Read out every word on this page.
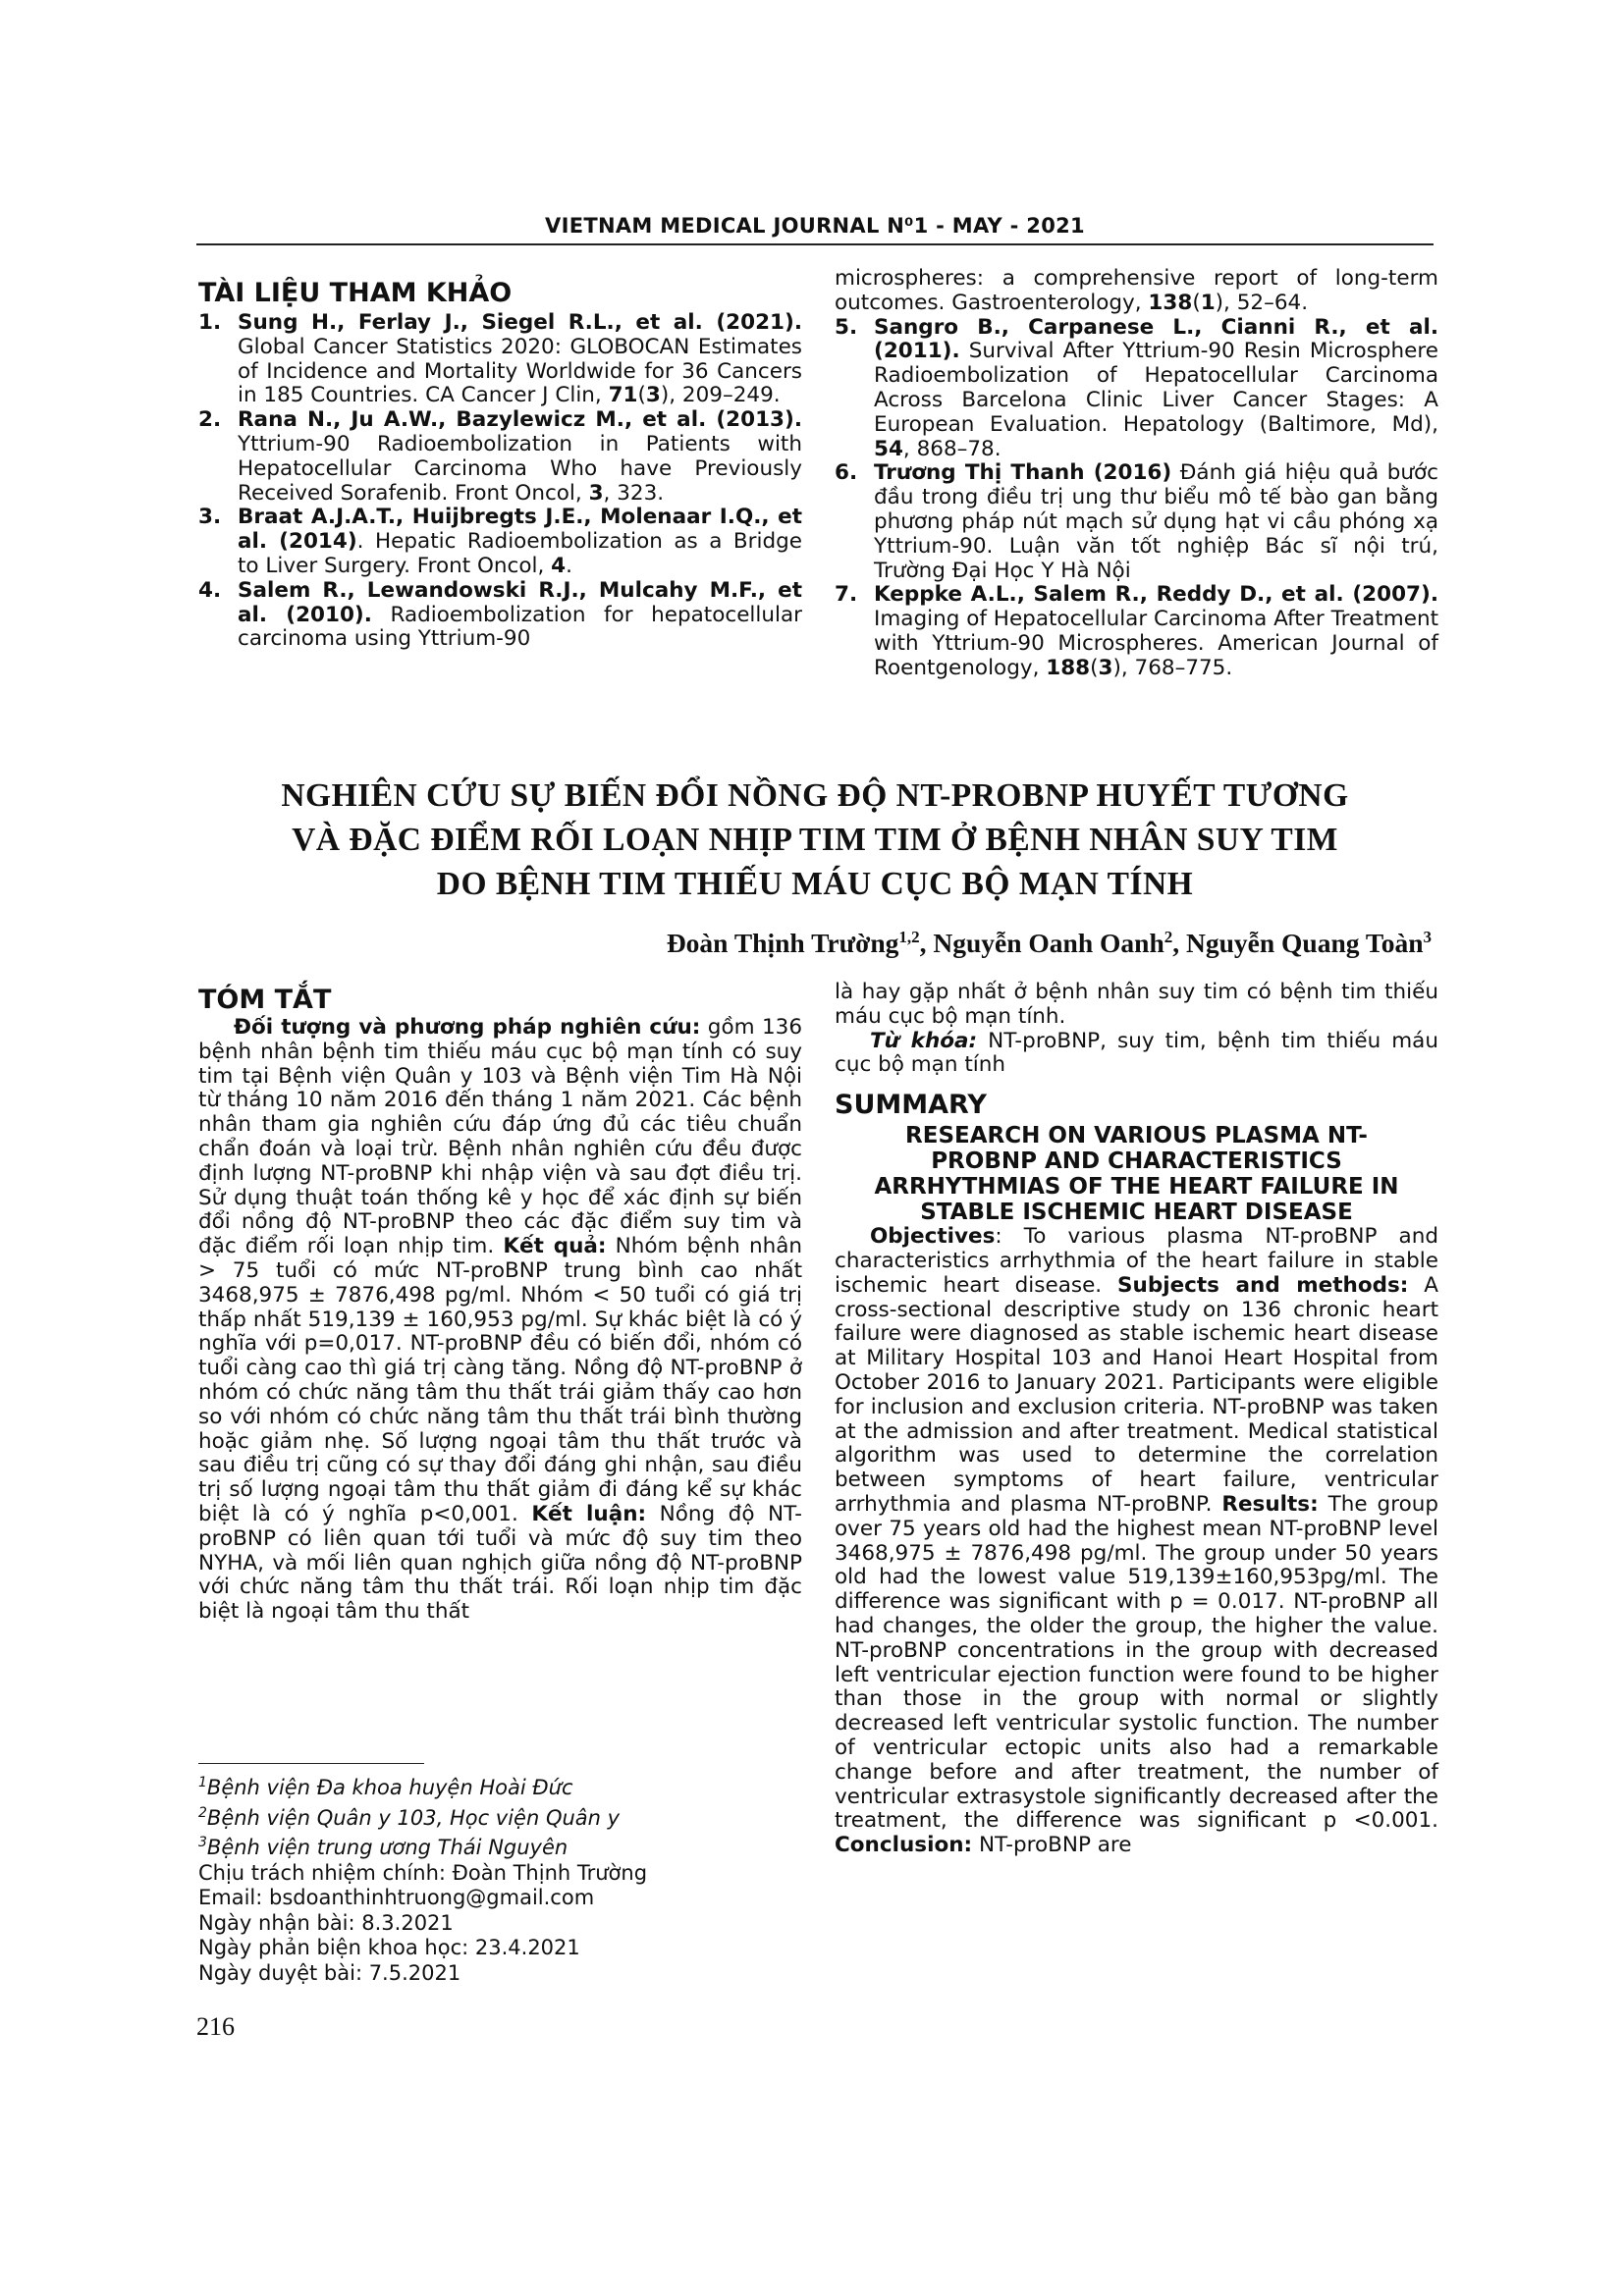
VIETNAM MEDICAL JOURNAL N⁰1 - MAY - 2021
TÀI LIỆU THAM KHẢO
1. Sung H., Ferlay J., Siegel R.L., et al. (2021). Global Cancer Statistics 2020: GLOBOCAN Estimates of Incidence and Mortality Worldwide for 36 Cancers in 185 Countries. CA Cancer J Clin, 71(3), 209–249.
2. Rana N., Ju A.W., Bazylewicz M., et al. (2013). Yttrium-90 Radioembolization in Patients with Hepatocellular Carcinoma Who have Previously Received Sorafenib. Front Oncol, 3, 323.
3. Braat A.J.A.T., Huijbregts J.E., Molenaar I.Q., et al. (2014). Hepatic Radioembolization as a Bridge to Liver Surgery. Front Oncol, 4.
4. Salem R., Lewandowski R.J., Mulcahy M.F., et al. (2010). Radioembolization for hepatocellular carcinoma using Yttrium-90
microspheres: a comprehensive report of long-term outcomes. Gastroenterology, 138(1), 52–64.
5. Sangro B., Carpanese L., Cianni R., et al. (2011). Survival After Yttrium-90 Resin Microsphere Radioembolization of Hepatocellular Carcinoma Across Barcelona Clinic Liver Cancer Stages: A European Evaluation. Hepatology (Baltimore, Md), 54, 868–78.
6. Trương Thị Thanh (2016) Đánh giá hiệu quả bước đầu trong điều trị ung thư biểu mô tế bào gan bằng phương pháp nút mạch sử dụng hạt vi cầu phóng xạ Yttrium-90. Luận văn tốt nghiệp Bác sĩ nội trú, Trường Đại Học Y Hà Nội
7. Keppke A.L., Salem R., Reddy D., et al. (2007). Imaging of Hepatocellular Carcinoma After Treatment with Yttrium-90 Microspheres. American Journal of Roentgenology, 188(3), 768–775.
NGHIÊN CỨU SỰ BIẾN ĐỔI NỒNG ĐỘ NT-PROBNP HUYẾT TƯƠNG
VÀ ĐẶC ĐIỂM RỐI LOẠN NHỊP TIM TIM Ở BỆNH NHÂN SUY TIM
DO BỆNH TIM THIẾU MÁU CỤC BỘ MẠN TÍNH
Đoàn Thịnh Trường$^{1,2}$, Nguyễn Oanh Oanh$^2$, Nguyễn Quang Toàn$^3$
TÓM TẮT

Đối tượng và phương pháp nghiên cứu: gồm 136 bệnh nhân bệnh tim thiếu máu cục bộ mạn tính có suy tim tại Bệnh viện Quân y 103 và Bệnh viện Tim Hà Nội từ tháng 10 năm 2016 đến tháng 1 năm 2021. Các bệnh nhân tham gia nghiên cứu đáp ứng đủ các tiêu chuẩn chẩn đoán và loại trừ. Bệnh nhân nghiên cứu đều được định lượng NT-proBNP khi nhập viện và sau đợt điều trị. Sử dụng thuật toán thống kê y học để xác định sự biến đổi nồng độ NT-proBNP theo các đặc điểm suy tim và đặc điểm rối loạn nhịp tim. Kết quả: Nhóm bệnh nhân > 75 tuổi có mức NT-proBNP trung bình cao nhất 3468,975 ± 7876,498 pg/ml. Nhóm < 50 tuổi có giá trị thấp nhất 519,139 ± 160,953 pg/ml. Sự khác biệt là có ý nghĩa với p=0,017. NT-proBNP đều có biến đổi, nhóm có tuổi càng cao thì giá trị càng tăng. Nồng độ NT-proBNP ở nhóm có chức năng tâm thu thất trái giảm thấy cao hơn so với nhóm có chức năng tâm thu thất trái bình thường hoặc giảm nhẹ. Số lượng ngoại tâm thu thất trước và sau điều trị cũng có sự thay đổi đáng ghi nhận, sau điều trị số lượng ngoại tâm thu thất giảm đi đáng kể sự khác biệt là có ý nghĩa p<0,001. Kết luận: Nồng độ NT-proBNP có liên quan tới tuổi và mức độ suy tim theo NYHA, và mối liên quan nghịch giữa nồng độ NT-proBNP với chức năng tâm thu thất trái. Rối loạn nhịp tim đặc biệt là ngoại tâm thu thất

là hay gặp nhất ở bệnh nhân suy tim có bệnh tim thiếu máu cục bộ mạn tính.

Từ khóa: NT-proBNP, suy tim, bệnh tim thiếu máu cục bộ mạn tính

SUMMARY
RESEARCH ON VARIOUS PLASMA NT-
PROBNP AND CHARACTERISTICS
ARRHYTHMIAS OF THE HEART FAILURE IN
STABLE ISCHEMIC HEART DISEASE

Objectives: To various plasma NT-proBNP and characteristics arrhythmia of the heart failure in stable ischemic heart disease. Subjects and methods: A cross-sectional descriptive study on 136 chronic heart failure were diagnosed as stable ischemic heart disease at Military Hospital 103 and Hanoi Heart Hospital from October 2016 to January 2021. Participants were eligible for inclusion and exclusion criteria. NT-proBNP was taken at the admission and after treatment. Medical statistical algorithm was used to determine the correlation between symptoms of heart failure, ventricular arrhythmia and plasma NT-proBNP. Results: The group over 75 years old had the highest mean NT-proBNP level 3468,975 ± 7876,498 pg/ml. The group under 50 years old had the lowest value 519,139±160,953pg/ml. The difference was significant with p = 0.017. NT-proBNP all had changes, the older the group, the higher the value. NT-proBNP concentrations in the group with decreased left ventricular ejection function were found to be higher than those in the group with normal or slightly decreased left ventricular systolic function. The number of ventricular ectopic units also had a remarkable change before and after treatment, the number of ventricular extrasystole significantly decreased after the treatment, the difference was significant p <0.001. Conclusion: NT-proBNP are

$^1$Bệnh viện Đa khoa huyện Hoài Đức
$^2$Bệnh viện Quân y 103, Học viện Quân y
$^3$Bệnh viện trung ương Thái Nguyên
Chịu trách nhiệm chính: Đoàn Thịnh Trường
Email: bsdoanthinhtruong@gmail.com
Ngày nhận bài: 8.3.2021
Ngày phản biện khoa học: 23.4.2021
Ngày duyệt bài: 7.5.2021
216
